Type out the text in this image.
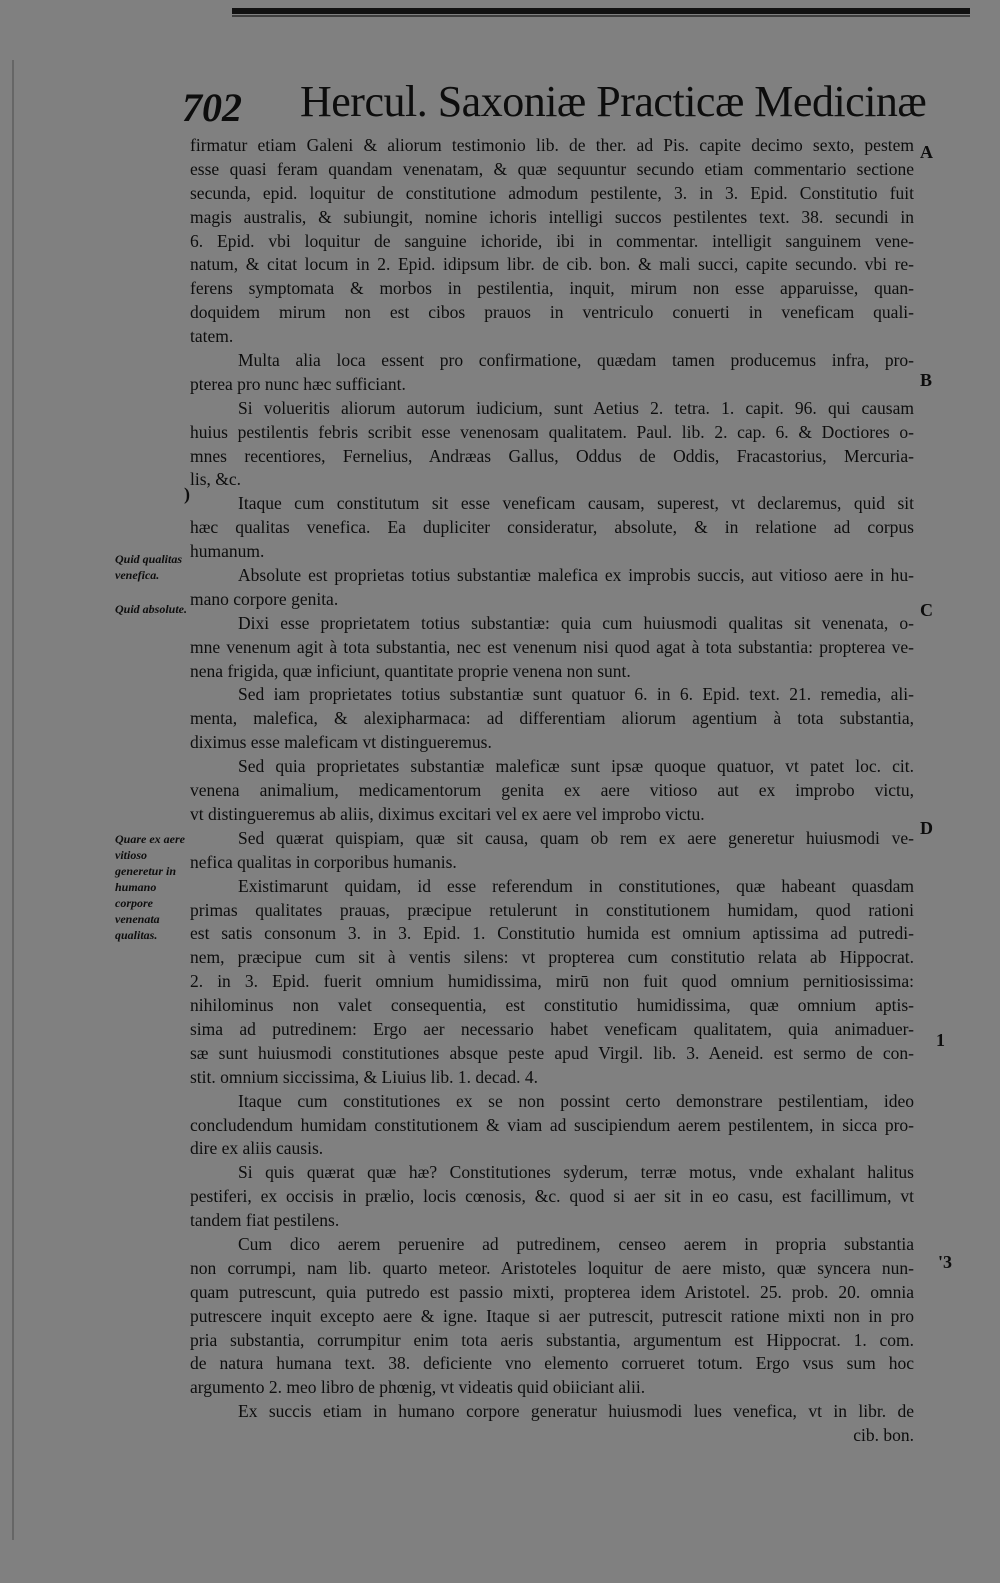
702 Hercul. Saxoniæ Practicæ Medicinæ
A
B
C
D
)
1
'3
Quid qualitas venefica.
Quid absolute.
Quare ex aere vitioso generetur in humano corpore venenata qualitas.
firmatur etiam Galeni & aliorum testimonio lib. de ther. ad Pis. capite decimo sexto, pestem
esse quasi feram quandam venenatam, & quæ sequuntur secundo etiam commentario sectione
secunda, epid. loquitur de constitutione admodum pestilente, 3. in 3. Epid. Constitutio fuit
magis australis, & subiungit, nomine ichoris intelligi succos pestilentes text. 38. secundi in
6. Epid. vbi loquitur de sanguine ichoride, ibi in commentar. intelligit sanguinem vene-
natum, & citat locum in 2. Epid. idipsum libr. de cib. bon. & mali succi, capite secundo. vbi re-
ferens symptomata & morbos in pestilentia, inquit, mirum non esse apparuisse, quan-
doquidem mirum non est cibos prauos in ventriculo conuerti in veneficam quali-
tatem.
Multa alia loca essent pro confirmatione, quædam tamen producemus infra, pro-
pterea pro nunc hæc sufficiant.
Si volueritis aliorum autorum iudicium, sunt Aetius 2. tetra. 1. capit. 96. qui causam
huius pestilentis febris scribit esse venenosam qualitatem. Paul. lib. 2. cap. 6. & Doctiores o-
mnes recentiores, Fernelius, Andræas Gallus, Oddus de Oddis, Fracastorius, Mercuria-
lis, &c.
Itaque cum constitutum sit esse veneficam causam, superest, vt declaremus, quid sit
hæc qualitas venefica. Ea dupliciter consideratur, absolute, & in relatione ad corpus
humanum.
Absolute est proprietas totius substantiæ malefica ex improbis succis, aut vitioso aere in hu-
mano corpore genita.
Dixi esse proprietatem totius substantiæ: quia cum huiusmodi qualitas sit venenata, o-
mne venenum agit à tota substantia, nec est venenum nisi quod agat à tota substantia: propterea ve-
nena frigida, quæ inficiunt, quantitate proprie venena non sunt.
Sed iam proprietates totius substantiæ sunt quatuor 6. in 6. Epid. text. 21. remedia, ali-
menta, malefica, & alexipharmaca: ad differentiam aliorum agentium à tota substantia,
diximus esse maleficam vt distingueremus.
Sed quia proprietates substantiæ maleficæ sunt ipsæ quoque quatuor, vt patet loc. cit.
venena animalium, medicamentorum genita ex aere vitioso aut ex improbo victu,
vt distingueremus ab aliis, diximus excitari vel ex aere vel improbo victu.
Sed quærat quispiam, quæ sit causa, quam ob rem ex aere generetur huiusmodi ve-
nefica qualitas in corporibus humanis.
Existimarunt quidam, id esse referendum in constitutiones, quæ habeant quasdam
primas qualitates prauas, præcipue retulerunt in constitutionem humidam, quod rationi
est satis consonum 3. in 3. Epid. 1. Constitutio humida est omnium aptissima ad putredi-
nem, præcipue cum sit à ventis silens: vt propterea cum constitutio relata ab Hippocrat.
2. in 3. Epid. fuerit omnium humidissima, mirū non fuit quod omnium pernitiosissima:
nihilominus non valet consequentia, est constitutio humidissima, quæ omnium aptis-
sima ad putredinem: Ergo aer necessario habet veneficam qualitatem, quia animaduer-
sæ sunt huiusmodi constitutiones absque peste apud Virgil. lib. 3. Aeneid. est sermo de con-
stit. omnium siccissima, & Liuius lib. 1. decad. 4.
Itaque cum constitutiones ex se non possint certo demonstrare pestilentiam, ideo
concludendum humidam constitutionem & viam ad suscipiendum aerem pestilentem, in sicca pro-
dire ex aliis causis.
Si quis quærat quæ hæ? Constitutiones syderum, terræ motus, vnde exhalant halitus
pestiferi, ex occisis in prælio, locis cœnosis, &c. quod si aer sit in eo casu, est facillimum, vt
tandem fiat pestilens.
Cum dico aerem peruenire ad putredinem, censeo aerem in propria substantia
non corrumpi, nam lib. quarto meteor. Aristoteles loquitur de aere misto, quæ syncera nun-
quam putrescunt, quia putredo est passio mixti, propterea idem Aristotel. 25. prob. 20. omnia
putrescere inquit excepto aere & igne. Itaque si aer putrescit, putrescit ratione mixti non in pro
pria substantia, corrumpitur enim tota aeris substantia, argumentum est Hippocrat. 1. com.
de natura humana text. 38. deficiente vno elemento corrueret totum. Ergo vsus sum hoc
argumento 2. meo libro de phœnig, vt videatis quid obiiciant alii.
Ex succis etiam in humano corpore generatur huiusmodi lues venefica, vt in libr. de
cib. bon.
